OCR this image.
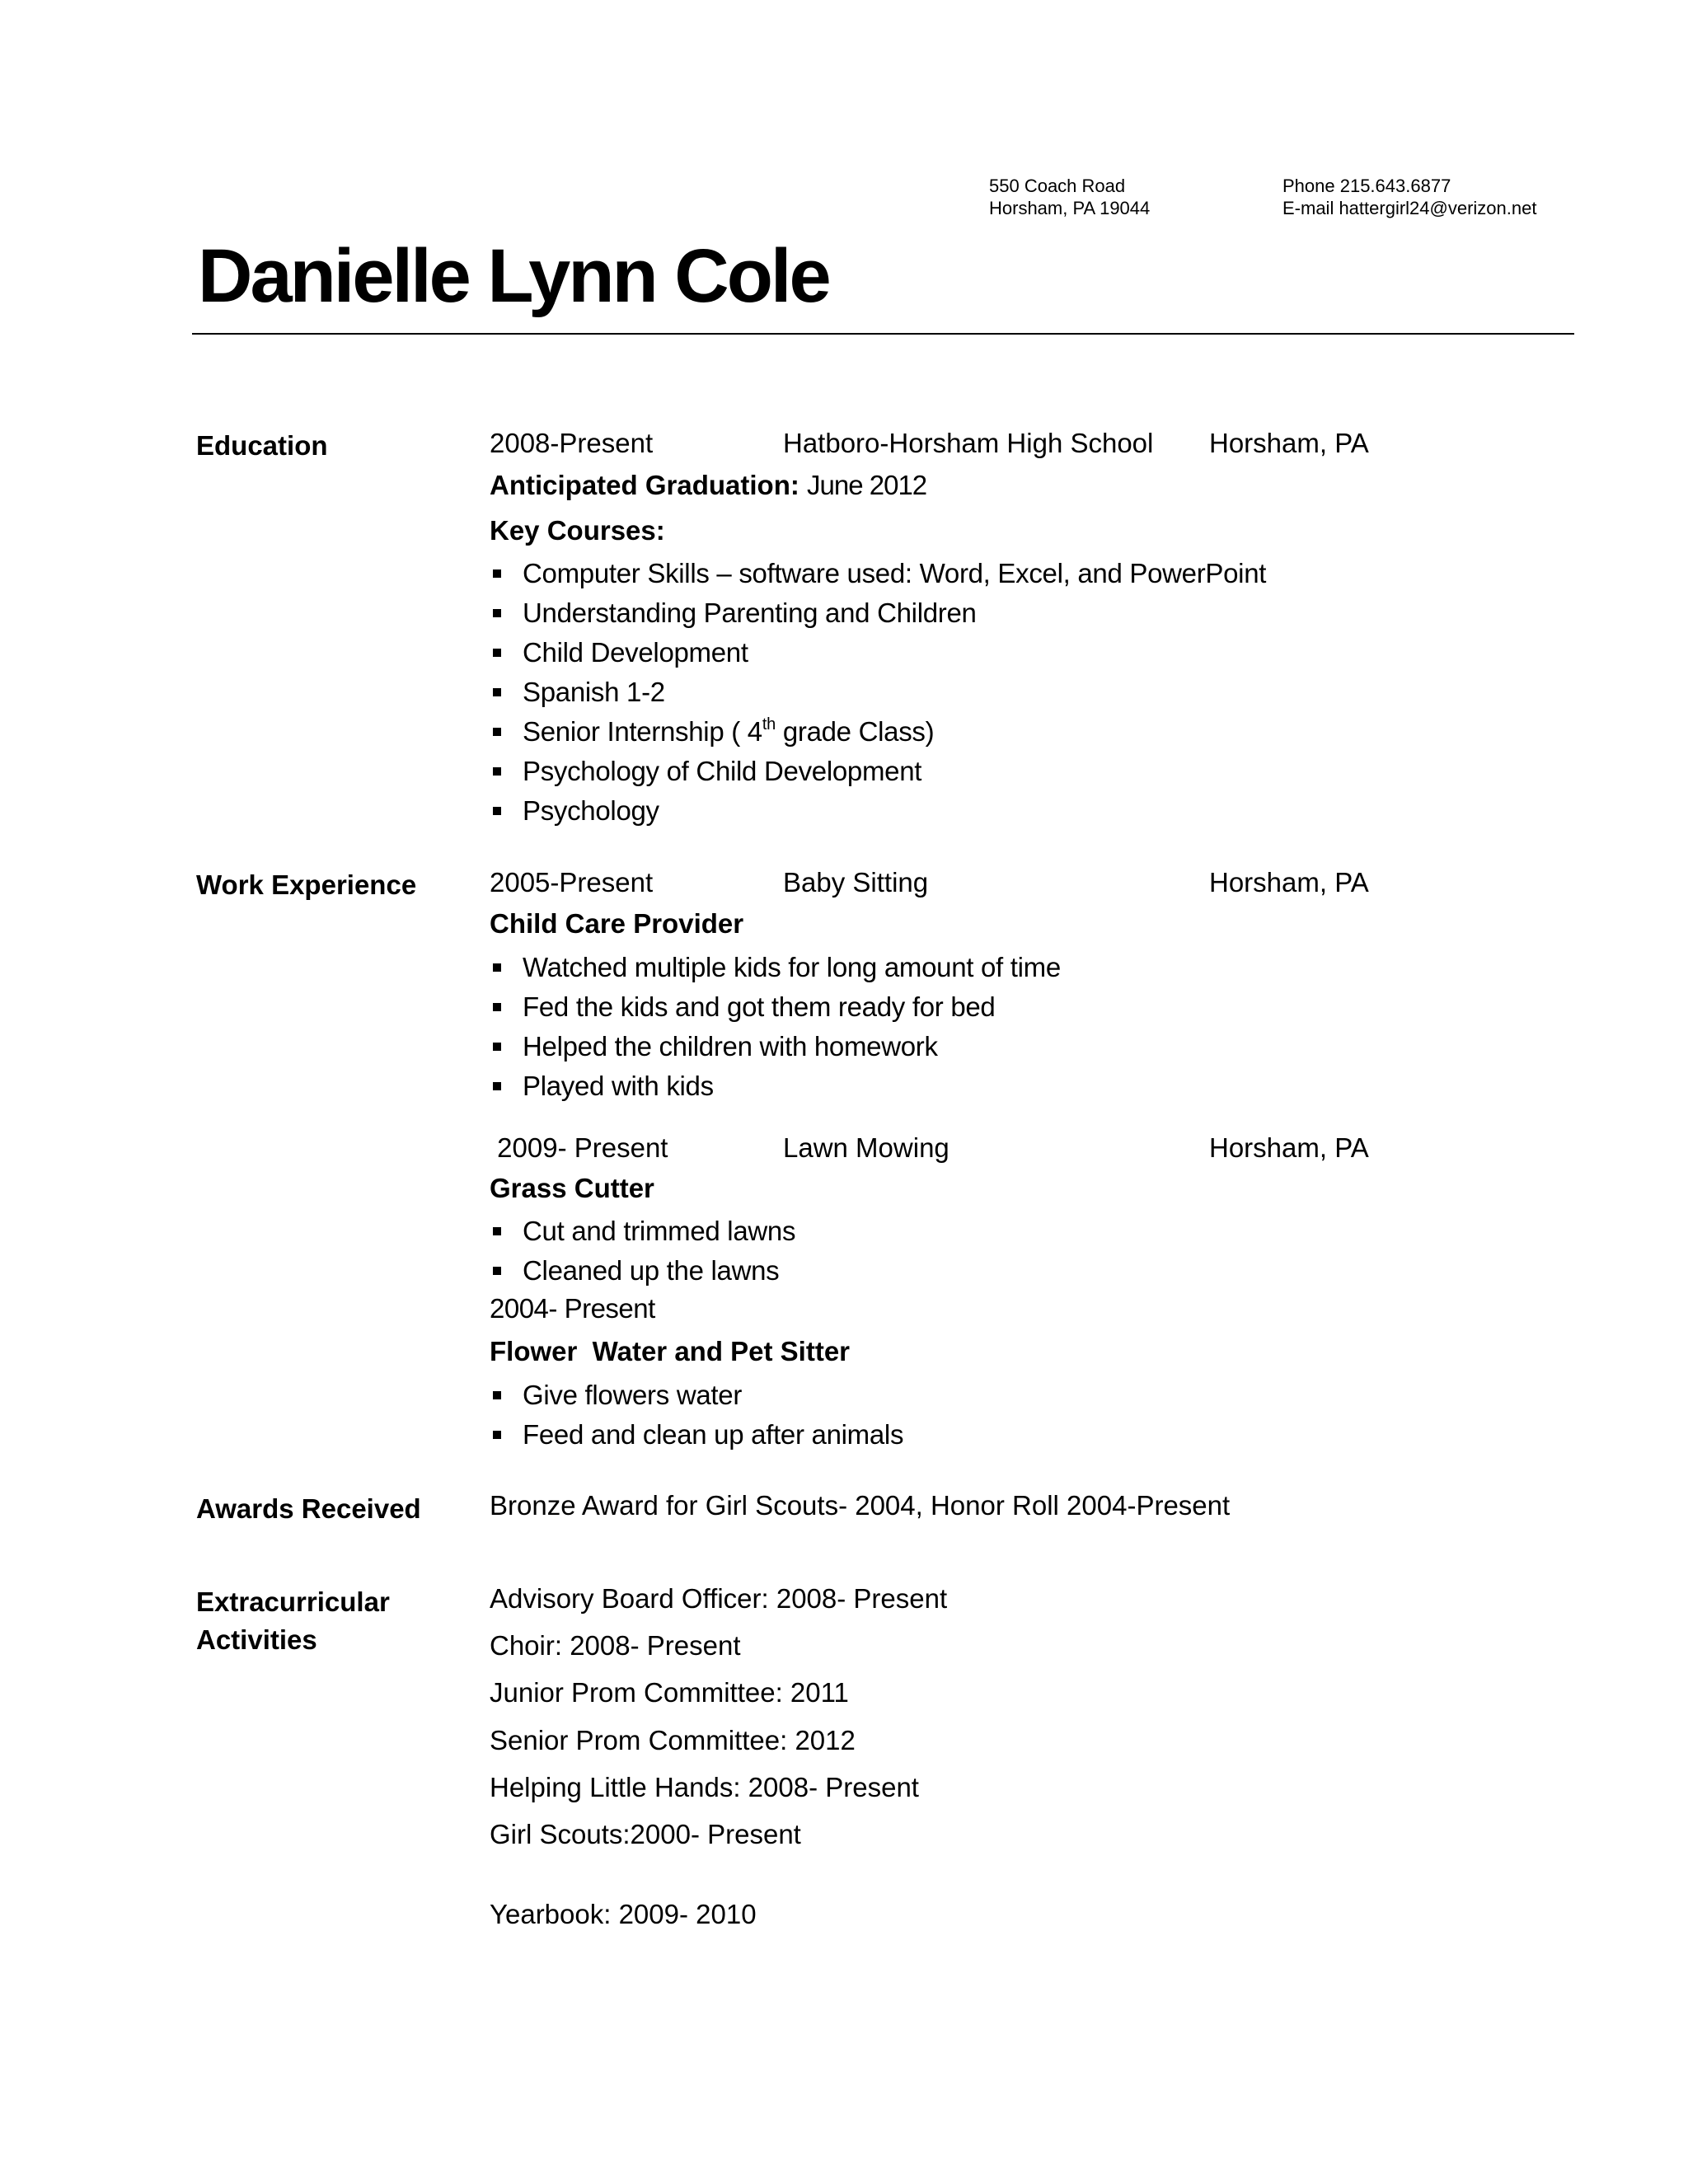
550 Coach Road
Horsham, PA 19044
Phone 215.643.6877
E-mail hattergirl24@verizon.net
Danielle Lynn Cole
Education	2008-Present	Hatboro-Horsham High School Horsham, PA
Anticipated Graduation: June 2012
Key Courses:
Computer Skills – software used: Word, Excel, and PowerPoint
Understanding Parenting and Children
Child Development
Spanish 1-2
Senior Internship ( 4th grade Class)
Psychology of Child Development
Psychology
Work Experience	2005-Present	Baby Sitting	Horsham, PA
Child Care Provider
Watched multiple kids for long amount of time
Fed the kids and got them ready for bed
Helped the children with homework
Played with kids
2009- Present	Lawn Mowing	Horsham, PA
Grass Cutter
Cut and trimmed lawns
Cleaned up the lawns
2004- Present
Flower  Water and Pet Sitter
Give flowers water
Feed and clean up after animals
Awards Received	Bronze Award for Girl Scouts- 2004, Honor Roll 2004-Present
Extracurricular
Activities
Advisory Board Officer: 2008- Present
Choir: 2008- Present
Junior Prom Committee: 2011
Senior Prom Committee: 2012
Helping Little Hands: 2008- Present
Girl Scouts:2000- Present
Yearbook: 2009- 2010
